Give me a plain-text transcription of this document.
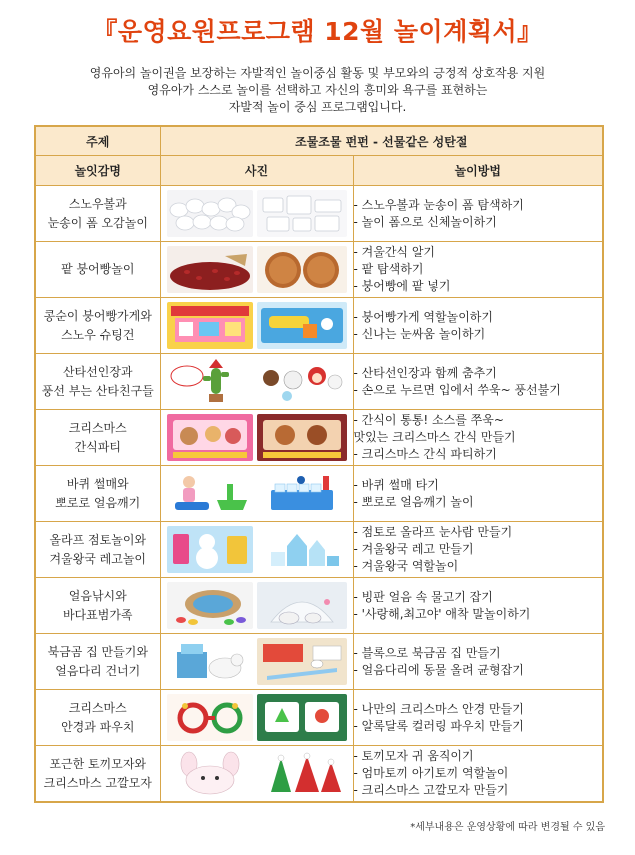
『운영요원프로그램 12월 놀이계획서』
영유아의 놀이권을 보장하는 자발적인 놀이중심 활동 및 부모와의 긍정적 상호작용 지원
영유아가 스스로 놀이를 선택하고 자신의 흥미와 욕구를 표현하는
자발적 놀이 중심 프로그램입니다.
주제	조물조물 펀펀 - 선물같은 성탄절	
놀잇감명	사진	놀이방법

스노우볼과
눈송이 폼 오감놀이		- 스노우볼과 눈송이 폼 탐색하기
- 놀이 폼으로 신체놀이하기

팥 붕어빵놀이		- 겨울간식 알기
- 팥 탐색하기
- 붕어빵에 팥 넣기

콩순이 붕어빵가게와
스노우 슈팅건		- 붕어빵가게 역할놀이하기
- 신나는 눈싸움 놀이하기

산타선인장과
풍선 부는 산타친구들		- 산타선인장과 함께 춤추기
- 손으로 누르면 입에서 쑤욱~ 풍선불기

크리스마스
간식파티		- 간식이 통통! 소스를 쭈욱~
맛있는 크리스마스 간식 만들기
- 크리스마스 간식 파티하기

바퀴 썰매와
뽀로로 얼음깨기		- 바퀴 썰매 타기
- 뽀로로 얼음깨기 놀이

올라프 점토놀이와
겨울왕국 레고놀이		- 점토로 올라프 눈사람 만들기
- 겨울왕국 레고 만들기
- 겨울왕국 역할놀이

얼음낚시와
바다표범가족		- 빙판 얼음 속 물고기 잡기
- '사랑해,최고야' 애착 말놀이하기

북금곰 집 만들기와
얼음다리 건너기		- 블록으로 북금곰 집 만들기
- 얼음다리에 동물 올려 균형잡기

크리스마스
안경과 파우치		- 나만의 크리스마스 안경 만들기
- 알록달록 컬러링 파우치 만들기

포근한 토끼모자와
크리스마스 고깔모자		- 토끼모자 귀 움직이기
- 엄마토끼 아기토끼 역할놀이
- 크리스마스 고깔모자 만들기
*세부내용은 운영상황에 따라 변경될 수 있음
